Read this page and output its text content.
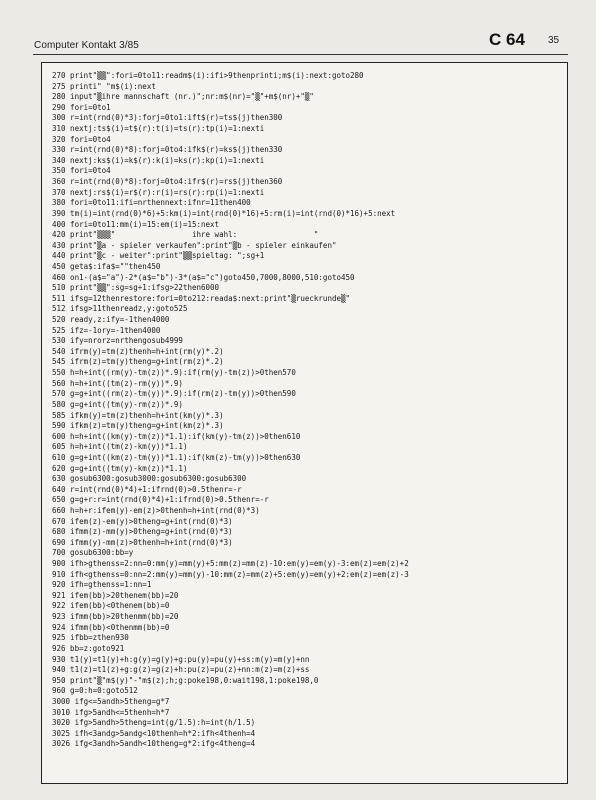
Computer Kontakt 3/85	C 64 35
270 print"▒▒":fori=0to11:readm$(i):ifi>9thenprinti;m$(i):next:goto280
275 printi" "m$(i):next
280 input"▒ihre mannschaft (nr.)";nr:m$(nr)="▒"+m$(nr)+"▒"
290 fori=0to1
300 r=int(rnd(0)*3):forj=0to1:ift$(r)=ts$(j)then300
310 nextj:ts$(i)=t$(r):t(i)=ts(r):tp(i)=1:nexti
320 fori=0to4
330 r=int(rnd(0)*8):forj=0to4:ifk$(r)=ks$(j)then330
340 nextj:ks$(i)=k$(r):k(i)=ks(r):kp(i)=1:nexti
350 fori=0to4
360 r=int(rnd(0)*8):forj=0to4:ifr$(r)=rs$(j)then360
370 nextj:rs$(i)=r$(r):r(i)=rs(r):rp(i)=1:nexti
380 fori=0to11:ifi=nrthennext:ifnr=11then400
390 tm(i)=int(rnd(0)*6)+5:km(i)=int(rnd(0)*16)+5:rm(i)=int(rnd(0)*16)+5:next
400 fori=0to11:mm(i)=15:em(i)=15:next
420 print"▒▒▒"                 ihre wahl:                 "
430 print"▒a - spieler verkaufen":print"▒b - spieler einkaufen"
440 print"▒c - weiter":print"▒▒spieltag: ";sg+1
450 geta$:ifa$=""then450
460 on1-(a$="a")-2*(a$="b")-3*(a$="c")goto450,7000,8000,510:goto450
510 print"▒▒":sg=sg+1:ifsg>22then6000
511 ifsg=12thenrestore:fori=0to212:reada$:next:print"▒rueckrunde▒"
512 ifsg>11thenreadz,y:goto525
520 ready,z:ify=-1then4000
525 ifz=-1ory=-1then4000
530 ify=nrorz=nrthengosub4999
540 ifrm(y)=tm(z)thenh=h+int(rm(y)*.2)
545 ifrm(z)=tm(y)theng=g+int(rm(z)*.2)
550 h=h+int((rm(y)-tm(z))*.9):if(rm(y)-tm(z))>0then570
560 h=h+int((tm(z)-rm(y))*.9)
570 g=g+int((rm(z)-tm(y))*.9):if(rm(z)-tm(y))>0then590
580 g=g+int((tm(y)-rm(z))*.9)
585 ifkm(y)=tm(z)thenh=h+int(km(y)*.3)
590 ifkm(z)=tm(y)theng=g+int(km(z)*.3)
600 h=h+int((km(y)-tm(z))*1.1):if(km(y)-tm(z))>0then610
605 h=h+int((tm(z)-km(y))*1.1)
610 g=g+int((km(z)-tm(y))*1.1):if(km(z)-tm(y))>0then630
620 g=g+int((tm(y)-km(z))*1.1)
630 gosub6300:gosub3000:gosub6300:gosub6300
640 r=int(rnd(0)*4)+1:ifrnd(0)>0.5thenr=-r
650 g=g+r:r=int(rnd(0)*4)+1:ifrnd(0)>0.5thenr=-r
660 h=h+r:ifem(y)-em(z)>0thenh=h+int(rnd(0)*3)
670 ifem(z)-em(y)>0theng=g+int(rnd(0)*3)
680 ifmm(z)-mm(y)>0theng=g+int(rnd(0)*3)
690 ifmm(y)-mm(z)>0thenh=h+int(rnd(0)*3)
700 gosub6300:bb=y
900 ifh>gthenss=2:nn=0:mm(y)=mm(y)+5:mm(z)=mm(z)-10:em(y)=em(y)-3:em(z)=em(z)+2
910 ifh<gthenss=0:nn=2:mm(y)=mm(y)-10:mm(z)=mm(z)+5:em(y)=em(y)+2:em(z)=em(z)-3
920 ifh=gthenss=1:nn=1
921 ifem(bb)>20thenem(bb)=20
922 ifem(bb)<0thenem(bb)=0
923 ifmm(bb)>20thenmm(bb)=20
924 ifmm(bb)<0thenmm(bb)=0
925 ifbb=zthen930
926 bb=z:goto921
930 t1(y)=t1(y)+h:g(y)=g(y)+g:pu(y)=pu(y)+ss:m(y)=m(y)+nn
940 t1(z)=t1(z)+g:g(z)=g(z)+h:pu(z)=pu(z)+nn:m(z)=m(z)+ss
950 print"▒"m$(y)"-"m$(z);h;g:poke198,0:wait198,1:poke198,0
960 g=0:h=0:goto512
3000 ifg<=5andh>5theng=g*7
3010 ifg>5andh<=5thenh=h*7
3020 ifg>5andh>5theng=int(g/1.5):h=int(h/1.5)
3025 ifh<3andg>5andg<10thenh=h*2:ifh<4thenh=4
3026 ifg<3andh>5andh<10theng=g*2:ifg<4theng=4
